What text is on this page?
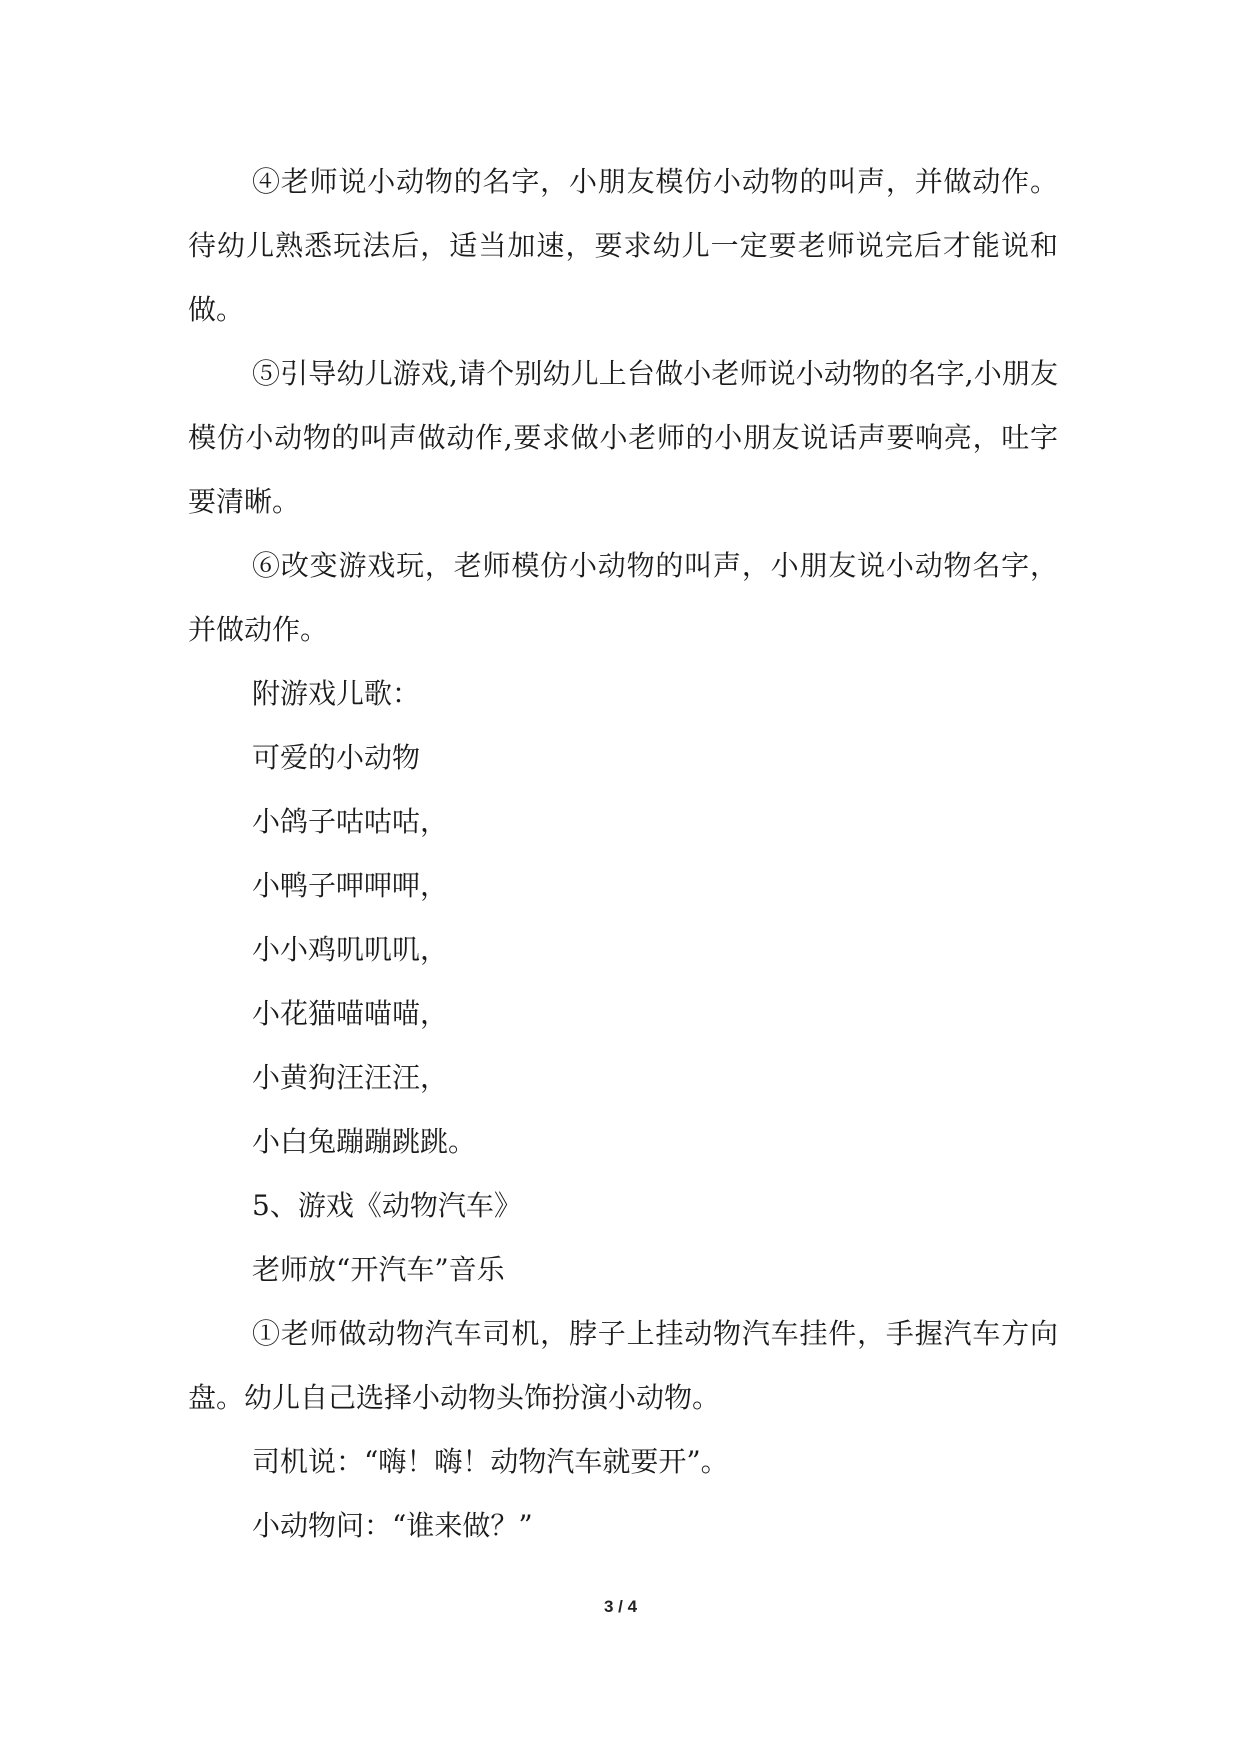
④老师说小动物的名字，小朋友模仿小动物的叫声，并做动作。待幼儿熟悉玩法后，适当加速，要求幼儿一定要老师说完后才能说和做。

⑤引导幼儿游戏,请个别幼儿上台做小老师说小动物的名字,小朋友模仿小动物的叫声做动作,要求做小老师的小朋友说话声要响亮，吐字要清晰。

⑥改变游戏玩，老师模仿小动物的叫声，小朋友说小动物名字，并做动作。

附游戏儿歌：

可爱的小动物

小鸽子咕咕咕，

小鸭子呷呷呷，

小小鸡叽叽叽，

小花猫喵喵喵，

小黄狗汪汪汪，

小白兔蹦蹦跳跳。

5、游戏《动物汽车》

老师放“开汽车”音乐

①老师做动物汽车司机，脖子上挂动物汽车挂件，手握汽车方向盘。幼儿自己选择小动物头饰扮演小动物。

司机说：“嗨！嗨！动物汽车就要开”。

小动物问：“谁来做？”

3 / 4
